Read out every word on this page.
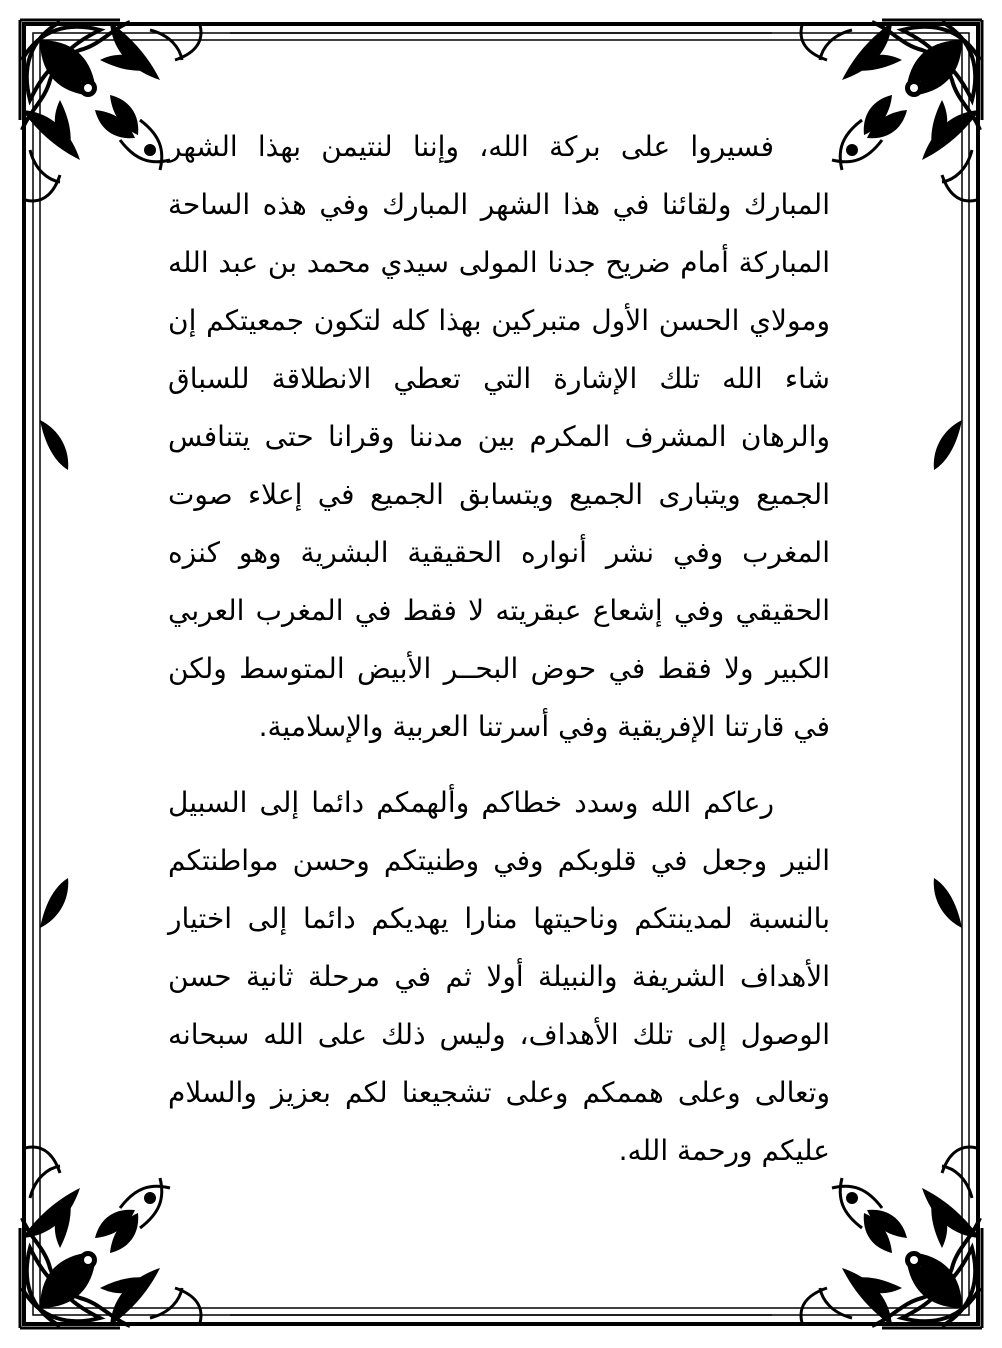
فسيروا على بركة الله، وإننا لنتيمن بهذا الشهر المبارك ولقائنا في هذا الشهر المبارك وفي هذه الساحة المباركة أمام ضريح جدنا المولى سيدي محمد بن عبد الله ومولاي الحسن الأول متبركين بهذا كله لتكون جمعيتكم إن شاء الله تلك الإشارة التي تعطي الانطلاقة للسباق والرهان المشرف المكرم بين مدننا وقرانا حتى يتنافس الجميع ويتبارى الجميع ويتسابق الجميع في إعلاء صوت المغرب وفي نشر أنواره الحقيقية البشرية وهو كنزه الحقيقي وفي إشعاع عبقريته لا فقط في المغرب العربي الكبير ولا فقط في حوض البحــر الأبيض المتوسط ولكن في قارتنا الإفريقية وفي أسرتنا العربية والإسلامية.

رعاكم الله وسدد خطاكم وألهمكم دائما إلى السبيل النير وجعل في قلوبكم وفي وطنيتكم وحسن مواطنتكم بالنسبة لمدينتكم وناحيتها منارا يهديكم دائما إلى اختيار الأهداف الشريفة والنبيلة أولا ثم في مرحلة ثانية حسن الوصول إلى تلك الأهداف، وليس ذلك على الله سبحانه وتعالى وعلى هممكم وعلى تشجيعنا لكم بعزيز والسلام عليكم ورحمة الله.
